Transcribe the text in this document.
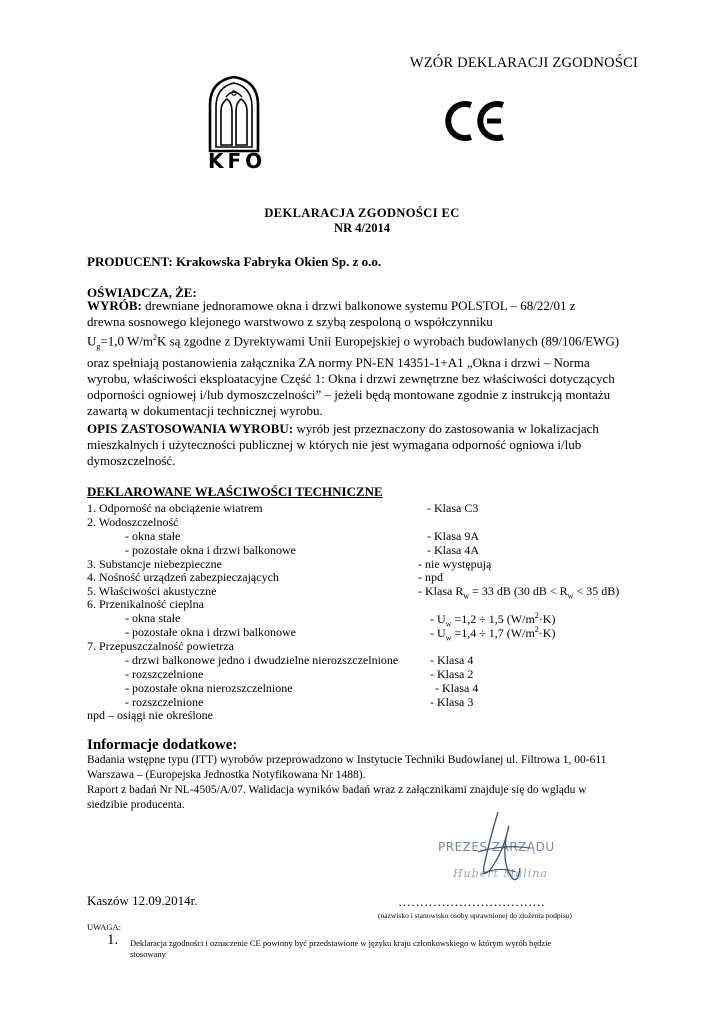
WZÓR DEKLARACJI ZGODNOŚCI
KFO
DEKLARACJA ZGODNOŚCI EC
NR 4/2014
PRODUCENT: Krakowska Fabryka Okien Sp. z o.o.
OŚWIADCZA, ŻE:
WYRÓB: drewniane jednoramowe okna i drzwi balkonowe systemu POLSTOL – 68/22/01 z
drewna sosnowego klejonego warstwowo z szybą zespoloną o współczynniku
$U_g=1,0$ $W/m^2K$ są zgodne z Dyrektywami Unii Europejskiej o wyrobach budowlanych (89/106/EWG)
oraz spełniają postanowienia załącznika ZA normy PN-EN 14351-1+A1 „Okna i drzwi – Norma
wyrobu, właściwości eksploatacyjne Część 1: Okna i drzwi zewnętrzne bez właściwości dotyczących
odporności ogniowej i/lub dymoszczelności” – jeżeli będą montowane zgodnie z instrukcją montażu
zawartą w dokumentacji technicznej wyrobu.
OPIS ZASTOSOWANIA WYROBU: wyrób jest przeznaczony do zastosowania w lokalizacjach
mieszkalnych i użyteczności publicznej w których nie jest wymagana odporność ogniowa i/lub
dymoszczelność.
DEKLAROWANE WŁAŚCIWOŚCI TECHNICZNE
1. Odporność na obciążenie wiatrem	- Klasa C3
2. Wodoszczelność
- okna stałe	- Klasa 9A
- pozostałe okna i drzwi balkonowe	- Klasa 4A
3. Substancje niebezpieczne	- nie występują
4. Nośność urządzeń zabezpieczających	- npd
5. Właściwości akustyczne	- Klasa $R_w = 33$ dB (30 dB < $R_w < 35$ dB)
6. Przenikalność cieplna
- okna stałe	- $U_w =1,2 \div 1,5$ $(W/m^2\cdot K)$
- pozostałe okna i drzwi balkonowe	- $U_w =1,4 \div 1,7$ $(W/m^2\cdot K)$
7. Przepuszczalność powietrza
- drzwi balkonowe jedno i dwudzielne nierozszczelnione	- Klasa 4
- rozszczelnione	- Klasa 2
- pozostałe okna nierozszczelnione	- Klasa 4
- rozszczelnione	- Klasa 3
npd – osiągi nie określone
Informacje dodatkowe:
Badania wstępne typu (ITT) wyrobów przeprowadzono w Instytucie Techniki Budowlanej ul. Filtrowa 1, 00-611
Warszawa – (Europejska Jednostka Notyfikowana Nr 1488).
Raport z badań Nr NL-4505/A/07. Walidacja wyników badań wraz z załącznikami znajduje się do wglądu w
siedzibie producenta.
PREZES ZARZĄDU
Hubert Malina
Kaszów 12.09.2014r.	…………………………….
(nazwisko i stanowisko osoby uprawnionej do złożenia podpisu)
UWAGA:
1. Deklaracja zgodności i oznaczenie CE powinny być przedstawione w języku kraju członkowskiego w którym wyrób będzie
stosowany
